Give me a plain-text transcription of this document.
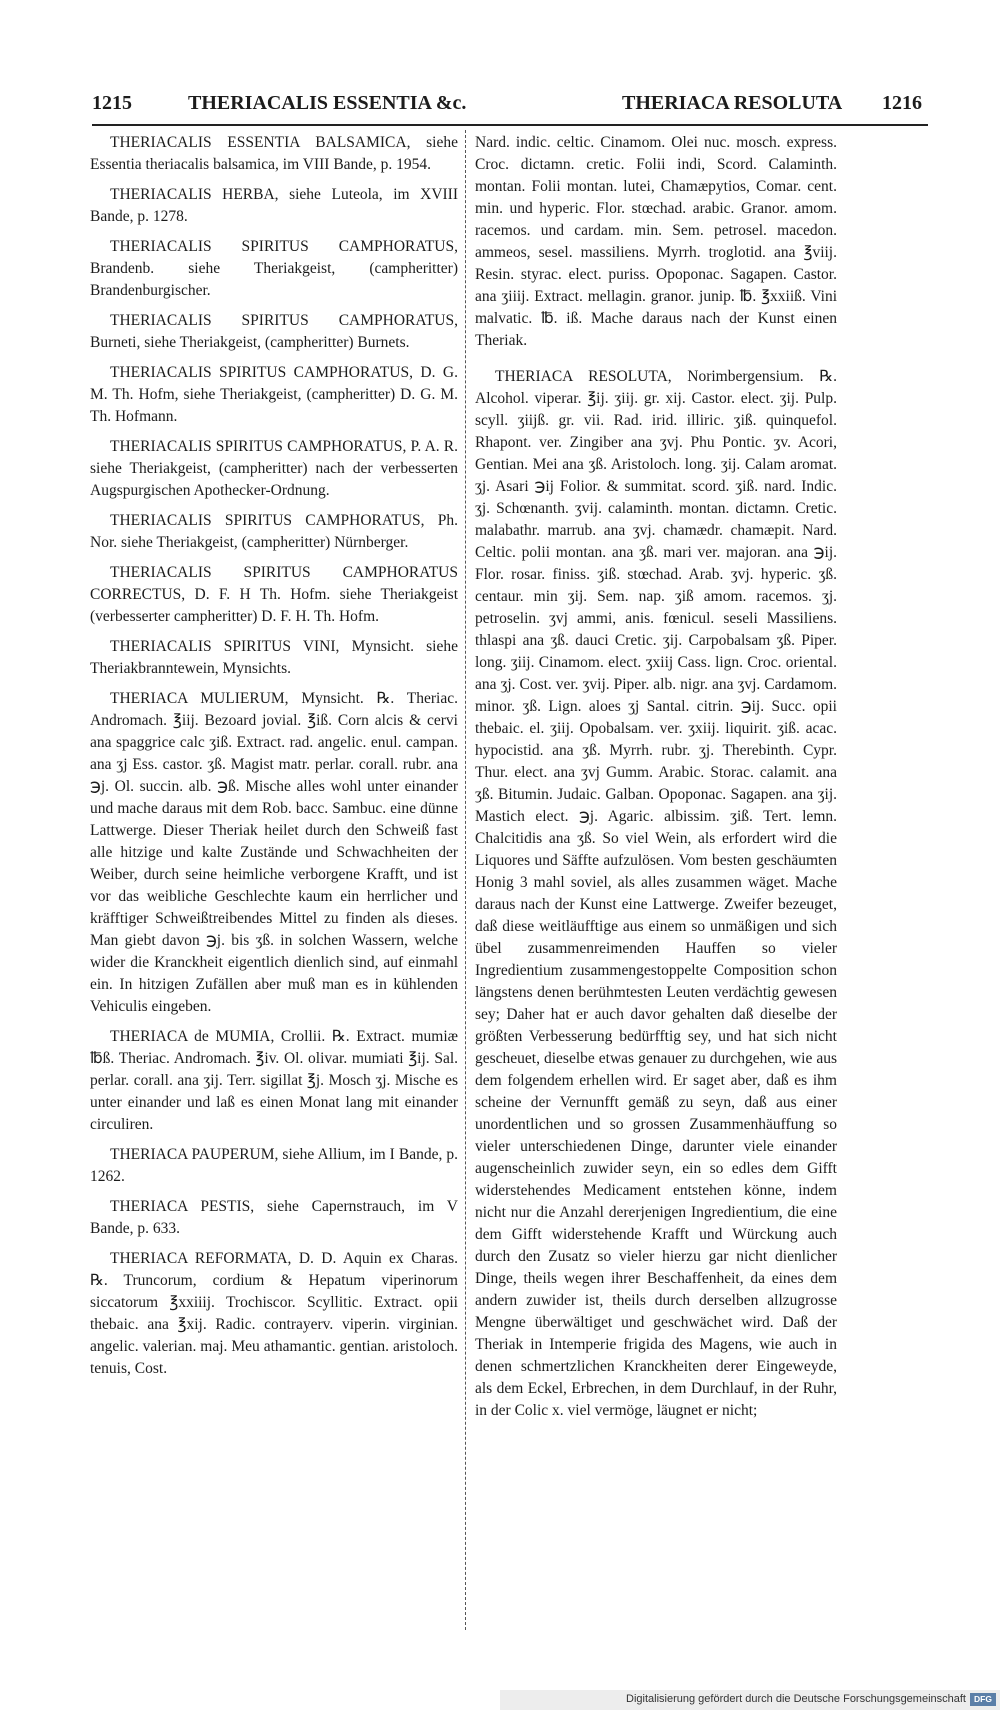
1215	THERIACALIS ESSENTIA &c.	THERIACA RESOLUTA 1216

THERIACALIS ESSENTIA BALSAMICA, siehe Essentia theriacalis balsamica, im VIII Bande, p. 1954.

THERIACALIS HERBA, siehe Luteola, im XVIII Bande, p. 1278.

THERIACALIS SPIRITUS CAMPHORATUS, Brandenb. siehe Theriakgeist, (campheritter) Brandenburgischer.

THERIACALIS SPIRITUS CAMPHORATUS, Burneti, siehe Theriakgeist, (campheritter) Burnets.

THERIACALIS SPIRITUS CAMPHORATUS, D. G. M. Th. Hofm, siehe Theriakgeist, (campheritter) D. G. M. Th. Hofmann.

THERIACALIS SPIRITUS CAMPHORATUS, P. A. R. siehe Theriakgeist, (campheritter) nach der verbesserten Augspurgischen Apothecker-Ordnung.

THERIACALIS SPIRITUS CAMPHORATUS, Ph. Nor. siehe Theriakgeist, (campheritter) Nürnberger.

THERIACALIS SPIRITUS CAMPHORATUS CORRECTUS, D. F. H Th. Hofm. siehe Theriakgeist (verbesserter campheritter) D. F. H. Th. Hofm.

THERIACALIS SPIRITUS VINI, Mynsicht. siehe Theriakbranntewein, Mynsichts.

THERIACA MULIERUM, Mynsicht. ℞. Theriac. Andromach. ℥iij. Bezoard jovial. ℥iß. Corn alcis & cervi ana spaggrice calc ʒiß. Extract. rad. angelic. enul. campan. ana ʒj Ess. castor. ʒß. Magist matr. perlar. corall. rubr. ana ℈j. Ol. succin. alb. ℈ß. Mische alles wohl unter einander und mache daraus mit dem Rob. bacc. Sambuc. eine dünne Lattwerge. Dieser Theriak heilet durch den Schweiß fast alle hitzige und kalte Zustände und Schwachheiten der Weiber, durch seine heimliche verborgene Krafft, und ist vor das weibliche Geschlechte kaum ein herrlicher und kräfftiger Schweißtreibendes Mittel zu finden als dieses. Man giebt davon ℈j. bis ʒß. in solchen Wassern, welche wider die Kranckheit eigentlich dienlich sind, auf einmahl ein. In hitzigen Zufällen aber muß man es in kühlenden Vehiculis eingeben.

THERIACA de MUMIA, Crollii. ℞. Extract. mumiæ ℔ß. Theriac. Andromach. ℥iv. Ol. olivar. mumiati ℥ij. Sal. perlar. corall. ana ʒij. Terr. sigillat ℥j. Mosch ʒj. Mische es unter einander und laß es einen Monat lang mit einander circuliren.

THERIACA PAUPERUM, siehe Allium, im I Bande, p. 1262.

THERIACA PESTIS, siehe Capernstrauch, im V Bande, p. 633.

THERIACA REFORMATA, D. D. Aquin ex Charas. ℞. Truncorum, cordium & Hepatum viperinorum siccatorum ℥xxiiij. Trochiscor. Scyllitic. Extract. opii thebaic. ana ℥xij. Radic. contrayerv. viperin. virginian. angelic. valerian. maj. Meu athamantic. gentian. aristoloch. tenuis, Cost.

Nard. indic. celtic. Cinamom. Olei nuc. mosch. express. Croc. dictamn. cretic. Folii indi, Scord. Calaminth. montan. Folii montan. lutei, Chamæpytios, Comar. cent. min. und hyperic. Flor. stœchad. arabic. Granor. amom. racemos. und cardam. min. Sem. petrosel. macedon. ammeos, sesel. massiliens. Myrrh. troglotid. ana ℥viij. Resin. styrac. elect. puriss. Opoponac. Sagapen. Castor. ana ʒiiij. Extract. mellagin. granor. junip. ℔. ℥xxiiß. Vini malvatic. ℔. iß. Mache daraus nach der Kunst einen Theriak.

THERIACA RESOLUTA, Norimbergensium. ℞. Alcohol. viperar. ℥ij. ʒiij. gr. xij. Castor. elect. ʒij. Pulp. scyll. ʒiijß. gr. vii. Rad. irid. illiric. ʒiß. quinquefol. Rhapont. ver. Zingiber ana ʒvj. Phu Pontic. ʒv. Acori, Gentian. Mei ana ʒß. Aristoloch. long. ʒij. Calam aromat. ʒj. Asari ℈ij Folior. & summitat. scord. ʒiß. nard. Indic. ʒj. Schœnanth. ʒvij. calaminth. montan. dictamn. Cretic. malabathr. marrub. ana ʒvj. chamædr. chamæpit. Nard. Celtic. polii montan. ana ʒß. mari ver. majoran. ana ℈ij. Flor. rosar. finiss. ʒiß. stœchad. Arab. ʒvj. hyperic. ʒß. centaur. min ʒij. Sem. nap. ʒiß amom. racemos. ʒj. petroselin. ʒvj ammi, anis. fœnicul. seseli Massiliens. thlaspi ana ʒß. dauci Cretic. ʒij. Carpobalsam ʒß. Piper. long. ʒiij. Cinamom. elect. ʒxiij Cass. lign. Croc. oriental. ana ʒj. Cost. ver. ʒvij. Piper. alb. nigr. ana ʒvj. Cardamom. minor. ʒß. Lign. aloes ʒj Santal. citrin. ℈ij. Succ. opii thebaic. el. ʒiij. Opobalsam. ver. ʒxiij. liquirit. ʒiß. acac. hypocistid. ana ʒß. Myrrh. rubr. ʒj. Therebinth. Cypr. Thur. elect. ana ʒvj Gumm. Arabic. Storac. calamit. ana ʒß. Bitumin. Judaic. Galban. Opoponac. Sagapen. ana ʒij. Mastich elect. ℈j. Agaric. albissim. ʒiß. Tert. lemn. Chalcitidis ana ʒß. So viel Wein, als erfordert wird die Liquores und Säffte aufzulösen. Vom besten geschäumten Honig 3 mahl soviel, als alles zusammen wäget. Mache daraus nach der Kunst eine Lattwerge. Zweifer bezeuget, daß diese weitläufftige aus einem so unmäßigen und sich übel zusammenreimenden Hauffen so vieler Ingredientium zusammengestoppelte Composition schon längstens denen berühmtesten Leuten verdächtig gewesen sey; Daher hat er auch davor gehalten daß dieselbe der größten Verbesserung bedürfftig sey, und hat sich nicht gescheuet, dieselbe etwas genauer zu durchgehen, wie aus dem folgendem erhellen wird. Er saget aber, daß es ihm scheine der Vernunfft gemäß zu seyn, daß aus einer unordentlichen und so grossen Zusammenhäuffung so vieler unterschiedenen Dinge, darunter viele einander augenscheinlich zuwider seyn, ein so edles dem Gifft widerstehendes Medicament entstehen könne, indem nicht nur die Anzahl dererjenigen Ingredientium, die eine dem Gifft widerstehende Krafft und Würckung auch durch den Zusatz so vieler hierzu gar nicht dienlicher Dinge, theils wegen ihrer Beschaffenheit, da eines dem andern zuwider ist, theils durch derselben allzugrosse Mengne überwältiget und geschwächet wird. Daß der Theriak in Intemperie frigida des Magens, wie auch in denen schmertzlichen Kranckheiten derer Eingeweyde, als dem Eckel, Erbrechen, in dem Durchlauf, in der Ruhr, in der Colic x. viel vermöge, läugnet er nicht;

Digitalisierung gefördert durch die Deutsche Forschungsgemeinschaft DFG
